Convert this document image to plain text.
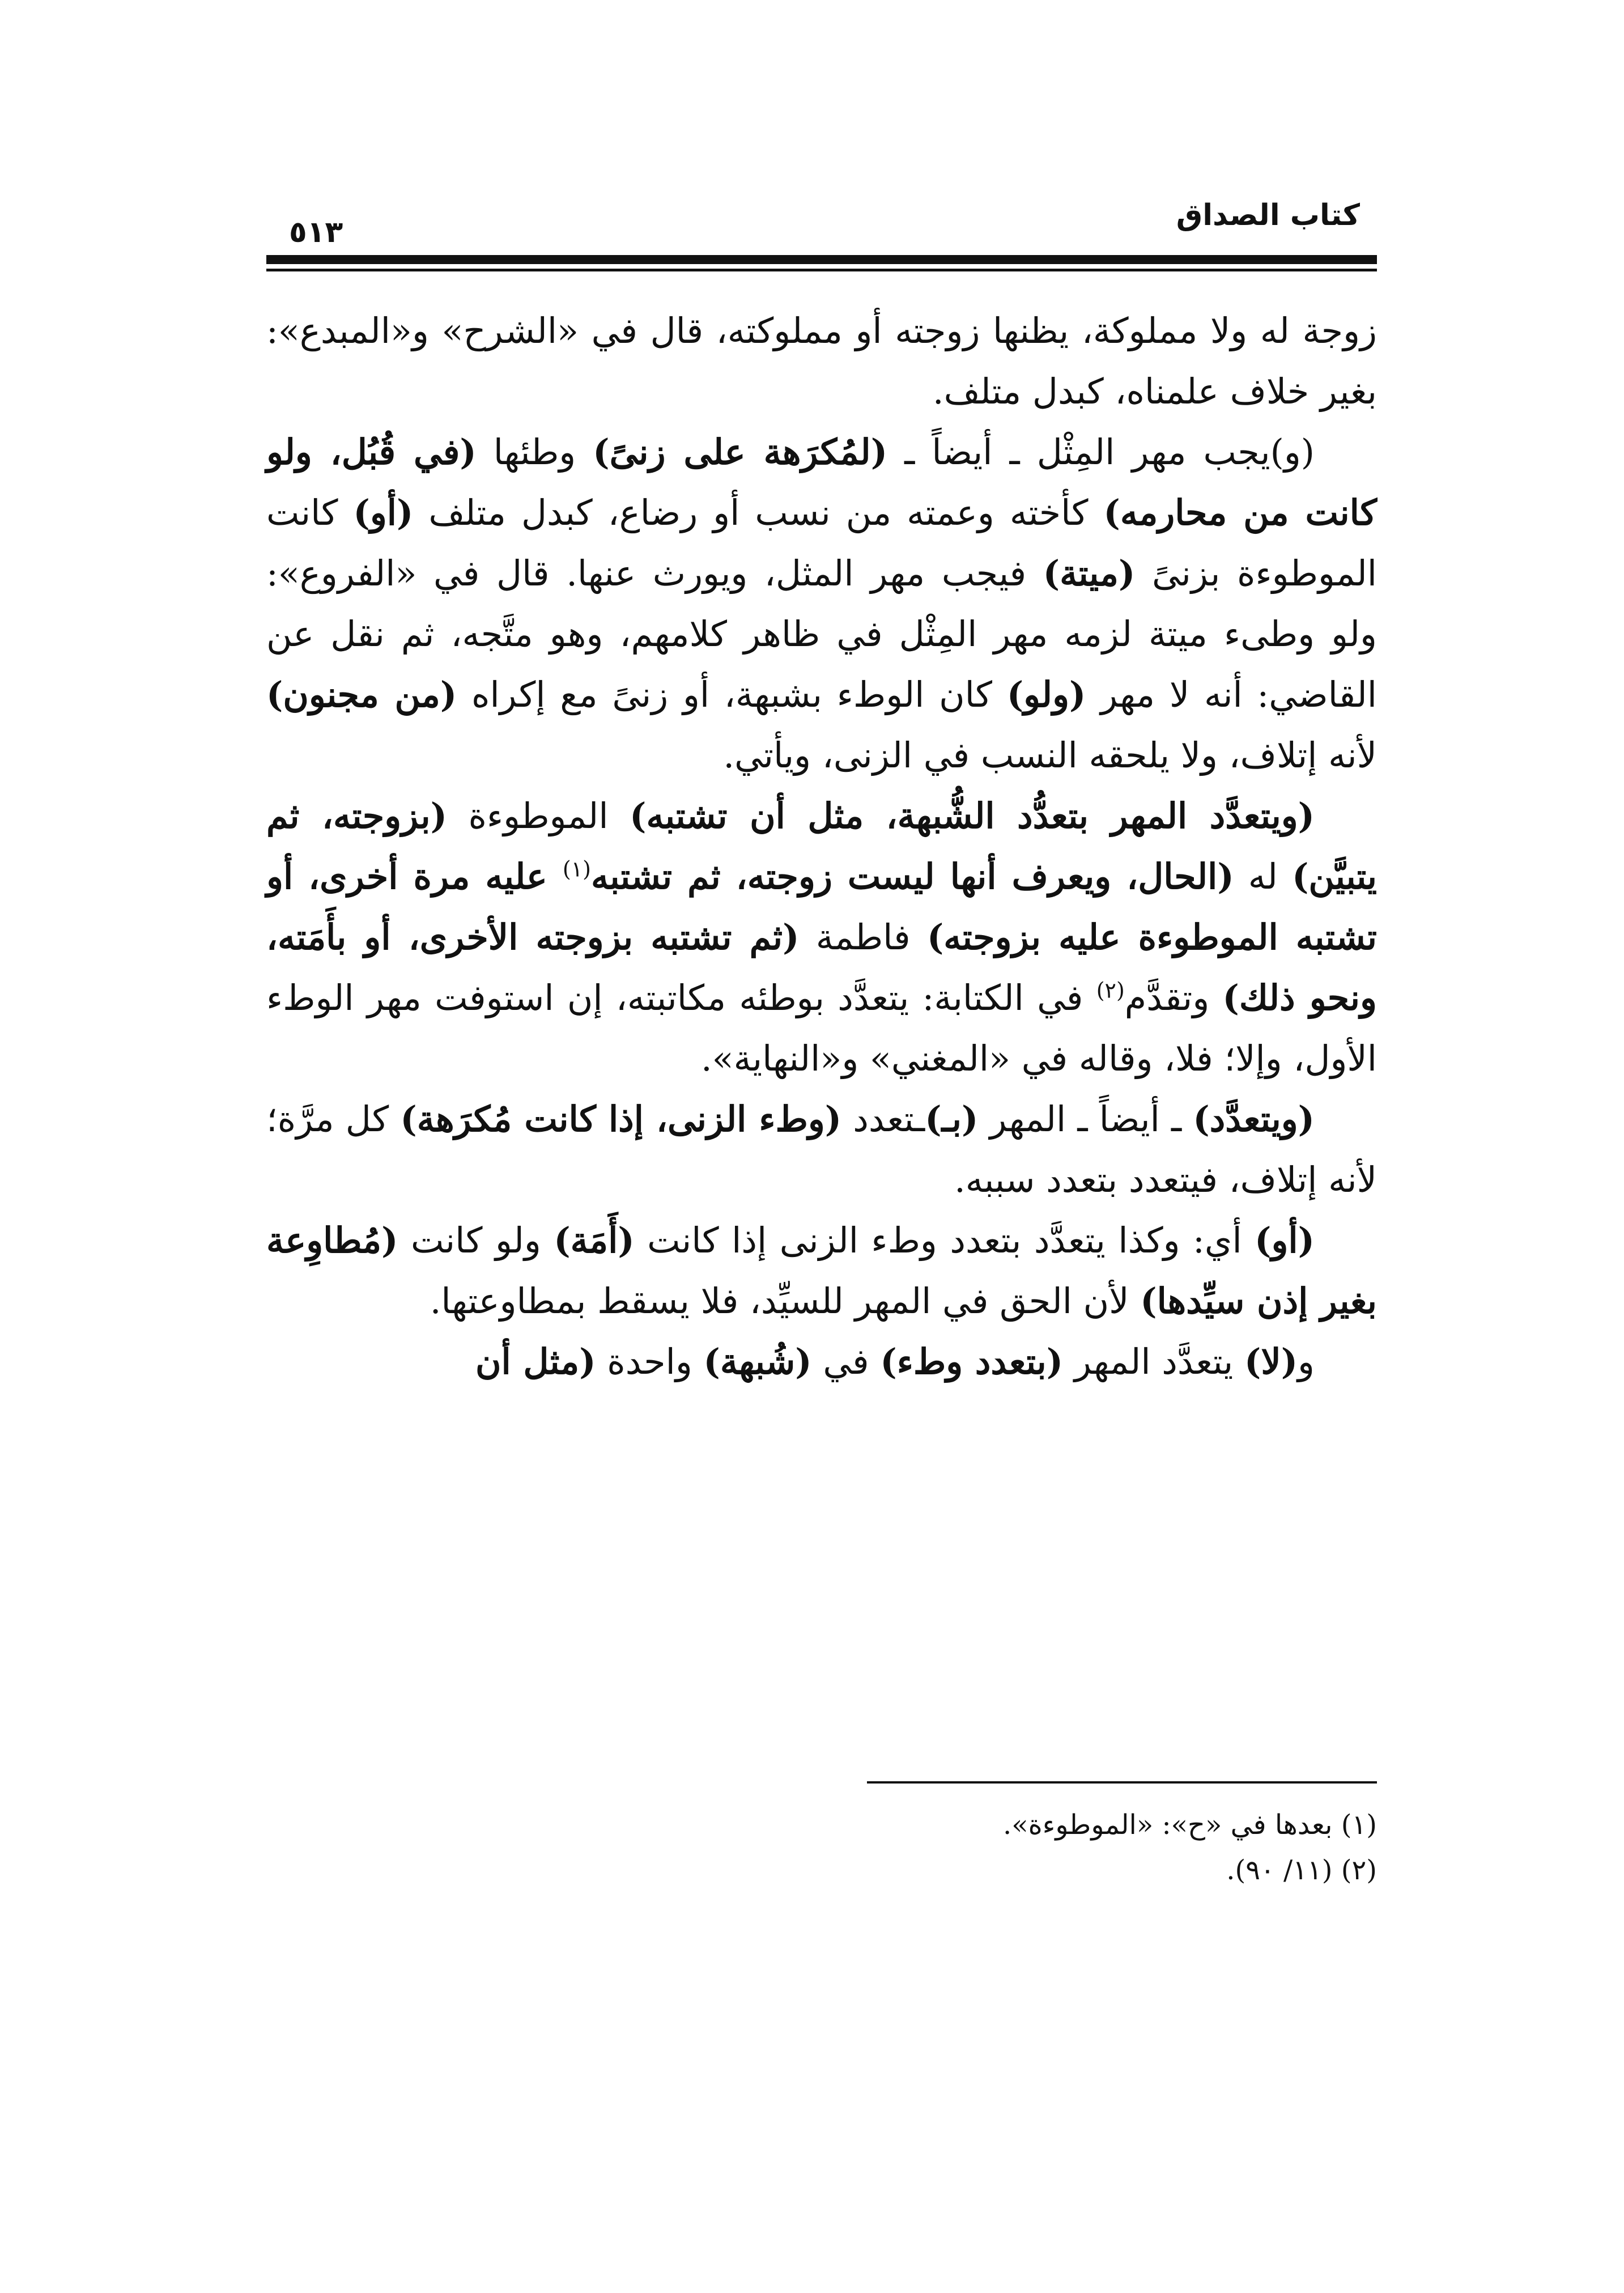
كتاب الصداق
٥١٣

زوجة له ولا مملوكة، يظنها زوجته أو مملوكته، قال في «الشرح» و«المبدع»: بغير خلاف علمناه، كبدل متلف.

(و)يجب مهر المِثْل ـ أيضاً ـ (لمُكرَهة على زنىً) وطئها (في قُبُل، ولو كانت من محارمه) كأخته وعمته من نسب أو رضاع، كبدل متلف (أو) كانت الموطوءة بزنىً (ميتة) فيجب مهر المثل، ويورث عنها. قال في «الفروع»: ولو وطىء ميتة لزمه مهر المِثْل في ظاهر كلامهم، وهو متَّجه، ثم نقل عن القاضي: أنه لا مهر (ولو) كان الوطء بشبهة، أو زنىً مع إكراه (من مجنون) لأنه إتلاف، ولا يلحقه النسب في الزنى، ويأتي.

(ويتعدَّد المهر بتعدُّد الشُّبهة، مثل أن تشتبه) الموطوءة (بزوجته، ثم يتبيَّن) له (الحال، ويعرف أنها ليست زوجته، ثم تشتبه$^{(١)}$ عليه مرة أخرى، أو تشتبه الموطوءة عليه بزوجته) فاطمة (ثم تشتبه بزوجته الأخرى، أو بأَمَته، ونحو ذلك) وتقدَّم$^{(٢)}$ في الكتابة: يتعدَّد بوطئه مكاتبته، إن استوفت مهر الوطء الأول، وإلا؛ فلا، وقاله في «المغني» و«النهاية».

(ويتعدَّد) ـ أيضاً ـ المهر (بـ)ـتعدد (وطء الزنى، إذا كانت مُكرَهة) كل مرَّة؛ لأنه إتلاف، فيتعدد بتعدد سببه.

(أو) أي: وكذا يتعدَّد بتعدد وطء الزنى إذا كانت (أَمَة) ولو كانت (مُطاوِعة بغير إذن سيِّدها) لأن الحق في المهر للسيِّد، فلا يسقط بمطاوعتها.

و(لا) يتعدَّد المهر (بتعدد وطء) في (شُبهة) واحدة (مثل أن

(١) بعدها في «ح»: «الموطوءة».

(٢) (١١/ ٩٠).
